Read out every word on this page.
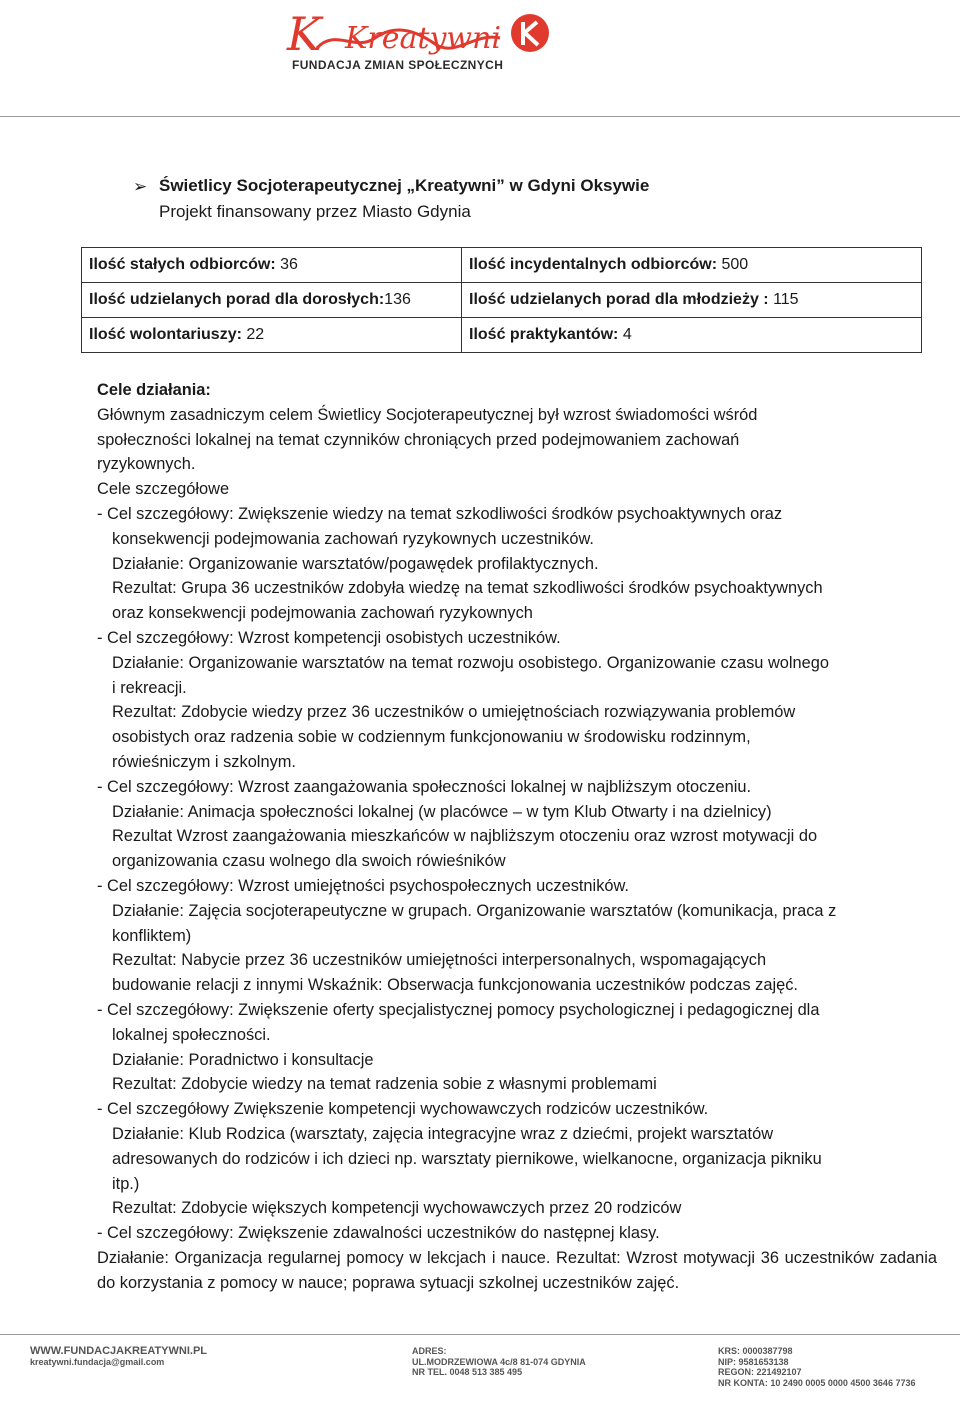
K Kreatywni
FUNDACJA ZMIAN SPOŁECZNYCH
➢ Świetlicy Socjoterapeutycznej „Kreatywni” w Gdyni Oksywie
Projekt finansowany przez Miasto Gdynia
Ilość stałych odbiorców: 36	Ilość incydentalnych odbiorców: 500
Ilość udzielanych porad dla dorosłych:136	Ilość udzielanych porad dla młodzieży : 115
Ilość wolontariuszy: 22	Ilość praktykantów: 4

Cele działania:

Głównym zasadniczym celem Świetlicy Socjoterapeutycznej był wzrost świadomości wśród

społeczności lokalnej na temat czynników chroniących przed podejmowaniem zachowań

ryzykownych.

Cele szczegółowe

- Cel szczegółowy: Zwiększenie wiedzy na temat szkodliwości środków psychoaktywnych oraz

konsekwencji podejmowania zachowań ryzykownych uczestników.

Działanie: Organizowanie warsztatów/pogawędek profilaktycznych.

Rezultat: Grupa 36 uczestników zdobyła wiedzę na temat szkodliwości środków psychoaktywnych

oraz konsekwencji podejmowania zachowań ryzykownych

- Cel szczegółowy: Wzrost kompetencji osobistych uczestników.

Działanie: Organizowanie warsztatów na temat rozwoju osobistego. Organizowanie czasu wolnego

i rekreacji.

Rezultat: Zdobycie wiedzy przez 36 uczestników o umiejętnościach rozwiązywania problemów

osobistych oraz radzenia sobie w codziennym funkcjonowaniu w środowisku rodzinnym,

rówieśniczym i szkolnym.

- Cel szczegółowy: Wzrost zaangażowania społeczności lokalnej w najbliższym otoczeniu.

Działanie: Animacja społeczności lokalnej (w placówce – w tym Klub Otwarty i na dzielnicy)

Rezultat Wzrost zaangażowania mieszkańców w najbliższym otoczeniu oraz wzrost motywacji do

organizowania czasu wolnego dla swoich rówieśników

- Cel szczegółowy: Wzrost umiejętności psychospołecznych uczestników.

Działanie: Zajęcia socjoterapeutyczne w grupach. Organizowanie warsztatów (komunikacja, praca z

konfliktem)

Rezultat: Nabycie przez 36 uczestników umiejętności interpersonalnych, wspomagających

budowanie relacji z innymi Wskaźnik: Obserwacja funkcjonowania uczestników podczas zajęć.

- Cel szczegółowy: Zwiększenie oferty specjalistycznej pomocy psychologicznej i pedagogicznej dla

lokalnej społeczności.

Działanie: Poradnictwo i konsultacje

Rezultat: Zdobycie wiedzy na temat radzenia sobie z własnymi problemami

- Cel szczegółowy Zwiększenie kompetencji wychowawczych rodziców uczestników.

Działanie: Klub Rodzica (warsztaty, zajęcia integracyjne wraz z dziećmi, projekt warsztatów

adresowanych do rodziców i ich dzieci np. warsztaty piernikowe, wielkanocne, organizacja pikniku

itp.)

Rezultat: Zdobycie większych kompetencji wychowawczych przez 20 rodziców

- Cel szczegółowy: Zwiększenie zdawalności uczestników do następnej klasy.

Działanie: Organizacja regularnej pomocy w lekcjach i nauce. Rezultat: Wzrost motywacji 36 uczestników zadania do korzystania z pomocy w nauce; poprawa sytuacji szkolnej uczestników zajęć.

WWW.FUNDACJAKREATYWNI.PL
kreatywni.fundacja@gmail.com
ADRES:
UL.MODRZEWIOWA 4c/8 81-074 GDYNIA
NR TEL. 0048 513 385 495
KRS: 0000387798
NIP: 9581653138
REGON: 221492107
NR KONTA: 10 2490 0005 0000 4500 3646 7736
